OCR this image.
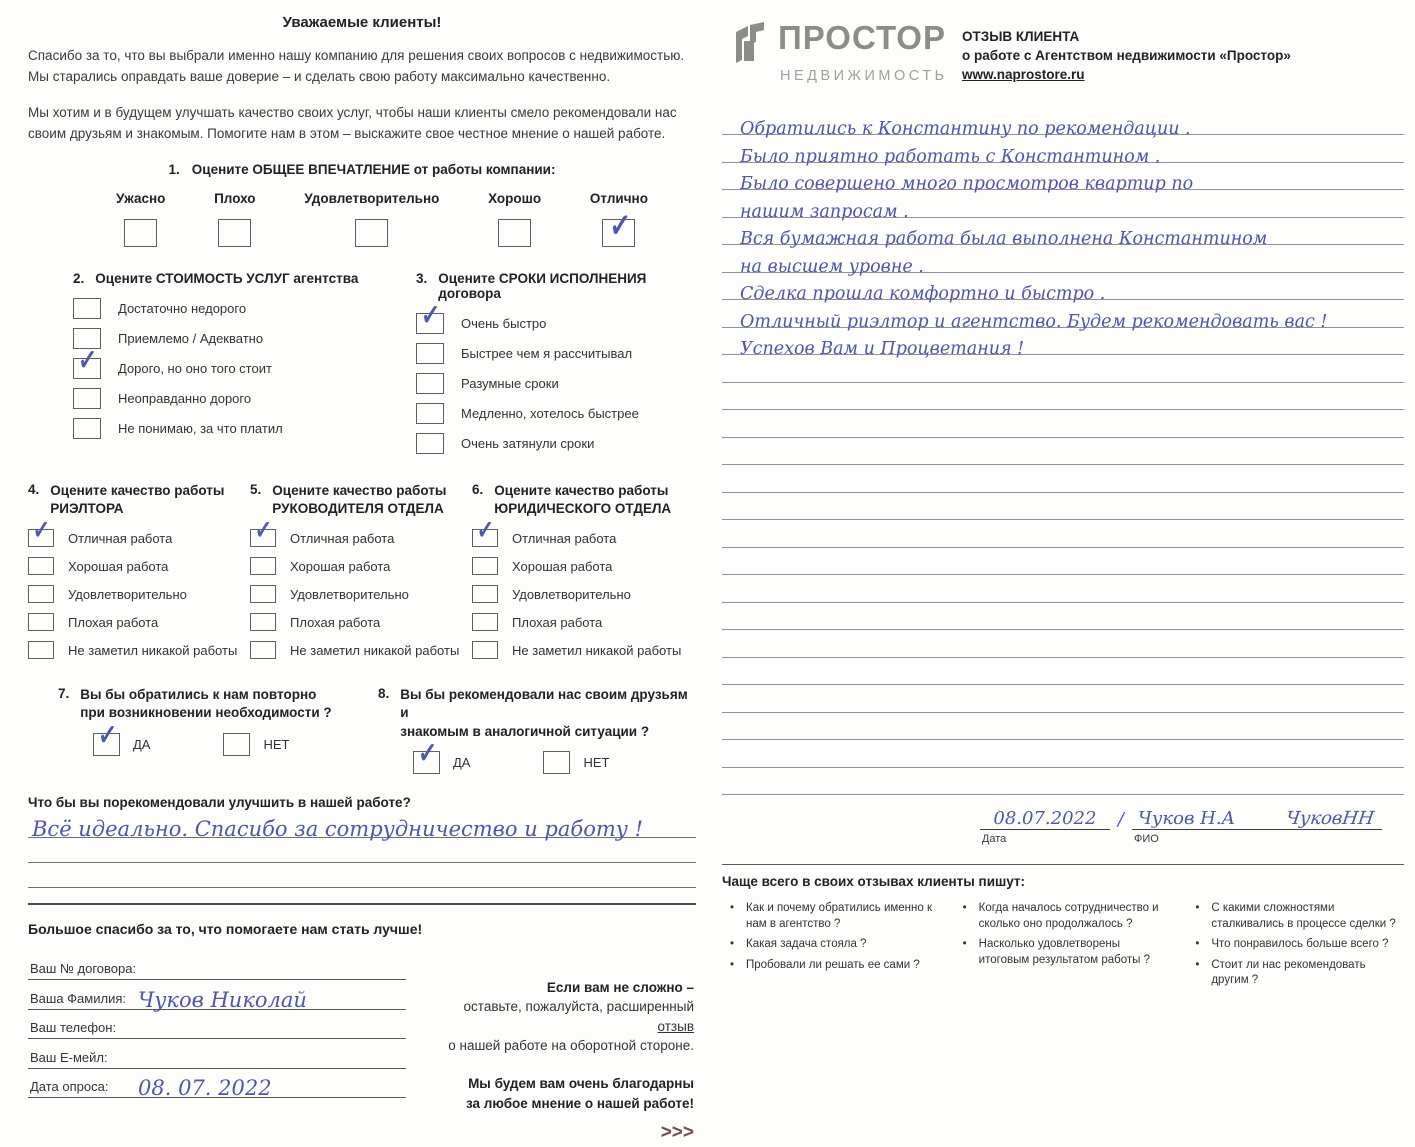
Уважаемые клиенты!
Спасибо за то, что вы выбрали именно нашу компанию для решения своих вопросов с недвижимостью. Мы старались оправдать ваше доверие – и сделать свою работу максимально качественно.
Мы хотим и в будущем улучшать качество своих услуг, чтобы наши клиенты смело рекомендовали нас своим друзьям и знакомым. Помогите нам в этом – выскажите свое честное мнение о нашей работе.
1. Оцените ОБЩЕЕ ВПЕЧАТЛЕНИЕ от работы компании:
Ужасно	Плохо	Удовлетворительно	Хорошо	Отлично
✓
2. Оцените СТОИМОСТЬ УСЛУГ агентства
Достаточно недорого
Приемлемо / Адекватно
✓
Дорого, но оно того стоит
Неоправданно дорого
Не понимаю, за что платил
3. Оцените СРОКИ ИСПОЛНЕНИЯ договора
✓
Очень быстро
Быстрее чем я рассчитывал
Разумные сроки
Медленно, хотелось быстрее
Очень затянули сроки
4. Оцените качество работы
РИЭЛТОРА
✓
Отличная работа
Хорошая работа
Удовлетворительно
Плохая работа
Не заметил никакой работы
5. Оцените качество работы
РУКОВОДИТЕЛЯ ОТДЕЛА
✓
Отличная работа
Хорошая работа
Удовлетворительно
Плохая работа
Не заметил никакой работы
6. Оцените качество работы
ЮРИДИЧЕСКОГО ОТДЕЛА
✓
Отличная работа
Хорошая работа
Удовлетворительно
Плохая работа
Не заметил никакой работы
7. Вы бы обратились к нам повторно
при возникновении необходимости ?
✓
ДА	НЕТ
8. Вы бы рекомендовали нас своим друзьям и
знакомым в аналогичной ситуации ?
✓
ДА	НЕТ
Что бы вы порекомендовали улучшить в нашей работе?
Всё идеально. Спасибо за сотрудничество и работу !
Большое спасибо за то, что помогаете нам стать лучше!
Ваш № договора:
Ваша Фамилия: Чуков Николай
Ваш телефон:
Ваш Е-мейл:
Дата опроса: 08. 07. 2022
Если вам не сложно –
оставьте, пожалуйста, расширенный отзыв
о нашей работе на оборотной стороне.
Мы будем вам очень благодарны
за любое мнение о нашей работе!
>>>
ПРОСТОР
НЕДВИЖИМОСТЬ
ОТЗЫВ КЛИЕНТА
о работе с Агентством недвижимости «Простор»
www.naprostore.ru
Обратились к Константину по рекомендации .
Было приятно работать с Константином .
Было совершено много просмотров квартир по
нашим запросам .
Вся бумажная работа была выполнена Константином
на высшем уровне .
Сделка прошла комфортно и быстро .
Отличный риэлтор и агентство. Будем рекомендовать вас !
Успехов Вам и Процветания !
08.07.2022
Дата
/ Чуков Н.А	ЧуковНН
ФИО
Чаще всего в своих отзывах клиенты пишут:
• Как и почему обратились именно к нам в агентство ?
• Какая задача стояла ?
• Пробовали ли решать ее сами ?
• Когда началось сотрудничество и сколько оно продолжалось ?
• Насколько удовлетворены итоговым результатом работы ?
• С какими сложностями сталкивались в процессе сделки ?
• Что понравилось больше всего ?
• Стоит ли нас рекомендовать другим ?
